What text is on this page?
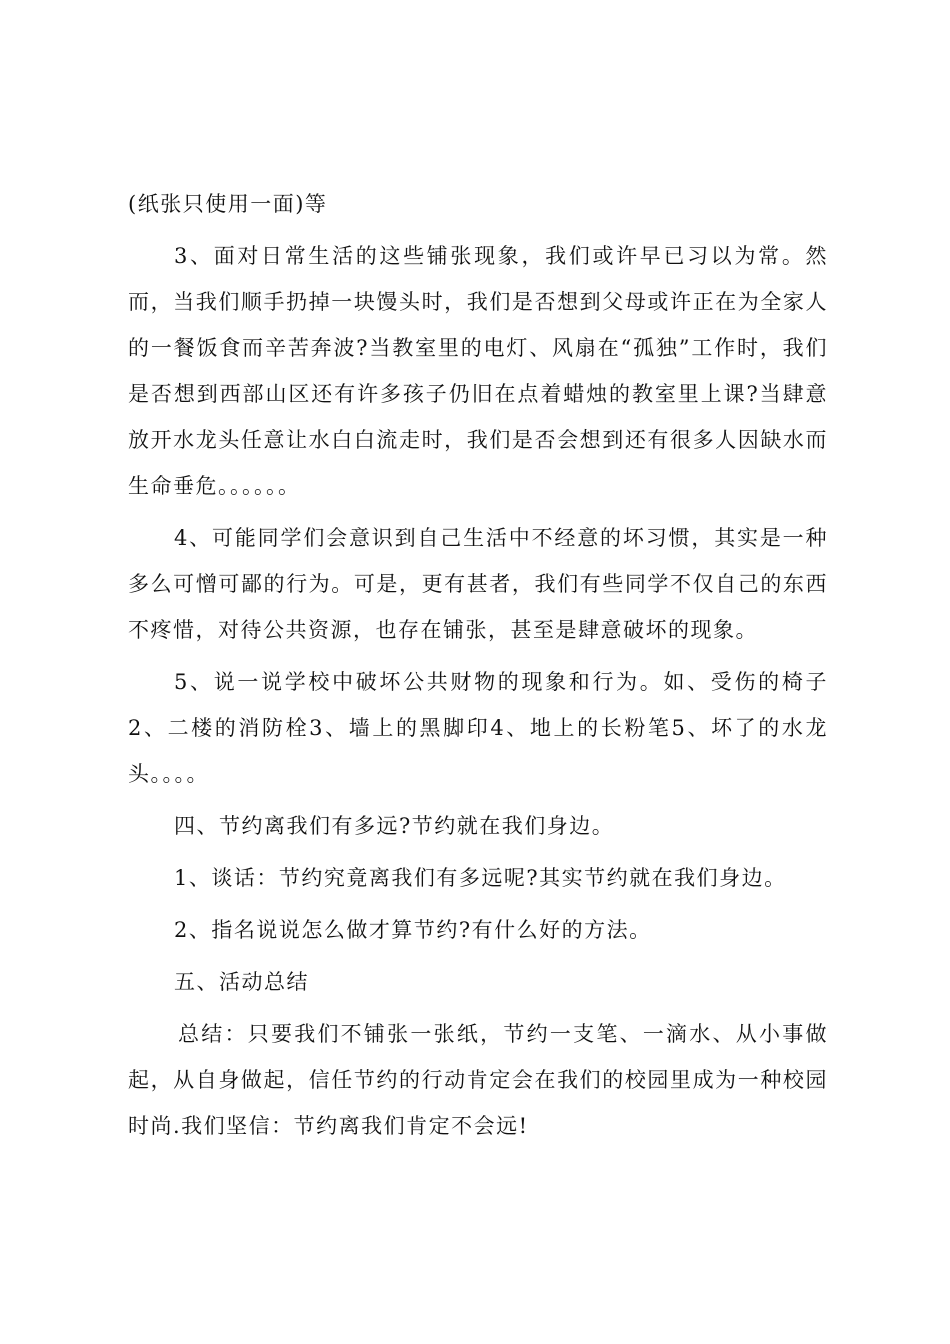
(纸张只使用一面)等

3、面对日常生活的这些铺张现象，我们或许早已习以为常。然而，当我们顺手扔掉一块馒头时，我们是否想到父母或许正在为全家人的一餐饭食而辛苦奔波?当教室里的电灯、风扇在“孤独”工作时，我们是否想到西部山区还有许多孩子仍旧在点着蜡烛的教室里上课?当肆意放开水龙头任意让水白白流走时，我们是否会想到还有很多人因缺水而生命垂危。。。。。。

4、可能同学们会意识到自己生活中不经意的坏习惯，其实是一种多么可憎可鄙的行为。可是，更有甚者，我们有些同学不仅自己的东西不疼惜，对待公共资源，也存在铺张，甚至是肆意破坏的现象。

5、说一说学校中破坏公共财物的现象和行为。如、受伤的椅子2、二楼的消防栓3、墙上的黑脚印4、地上的长粉笔5、坏了的水龙头。。。。

四、节约离我们有多远?节约就在我们身边。

1、谈话：节约究竟离我们有多远呢?其实节约就在我们身边。

2、指名说说怎么做才算节约?有什么好的方法。

五、活动总结

总结：只要我们不铺张一张纸，节约一支笔、一滴水、从小事做起，从自身做起，信任节约的行动肯定会在我们的校园里成为一种校园时尚.我们坚信：节约离我们肯定不会远!
